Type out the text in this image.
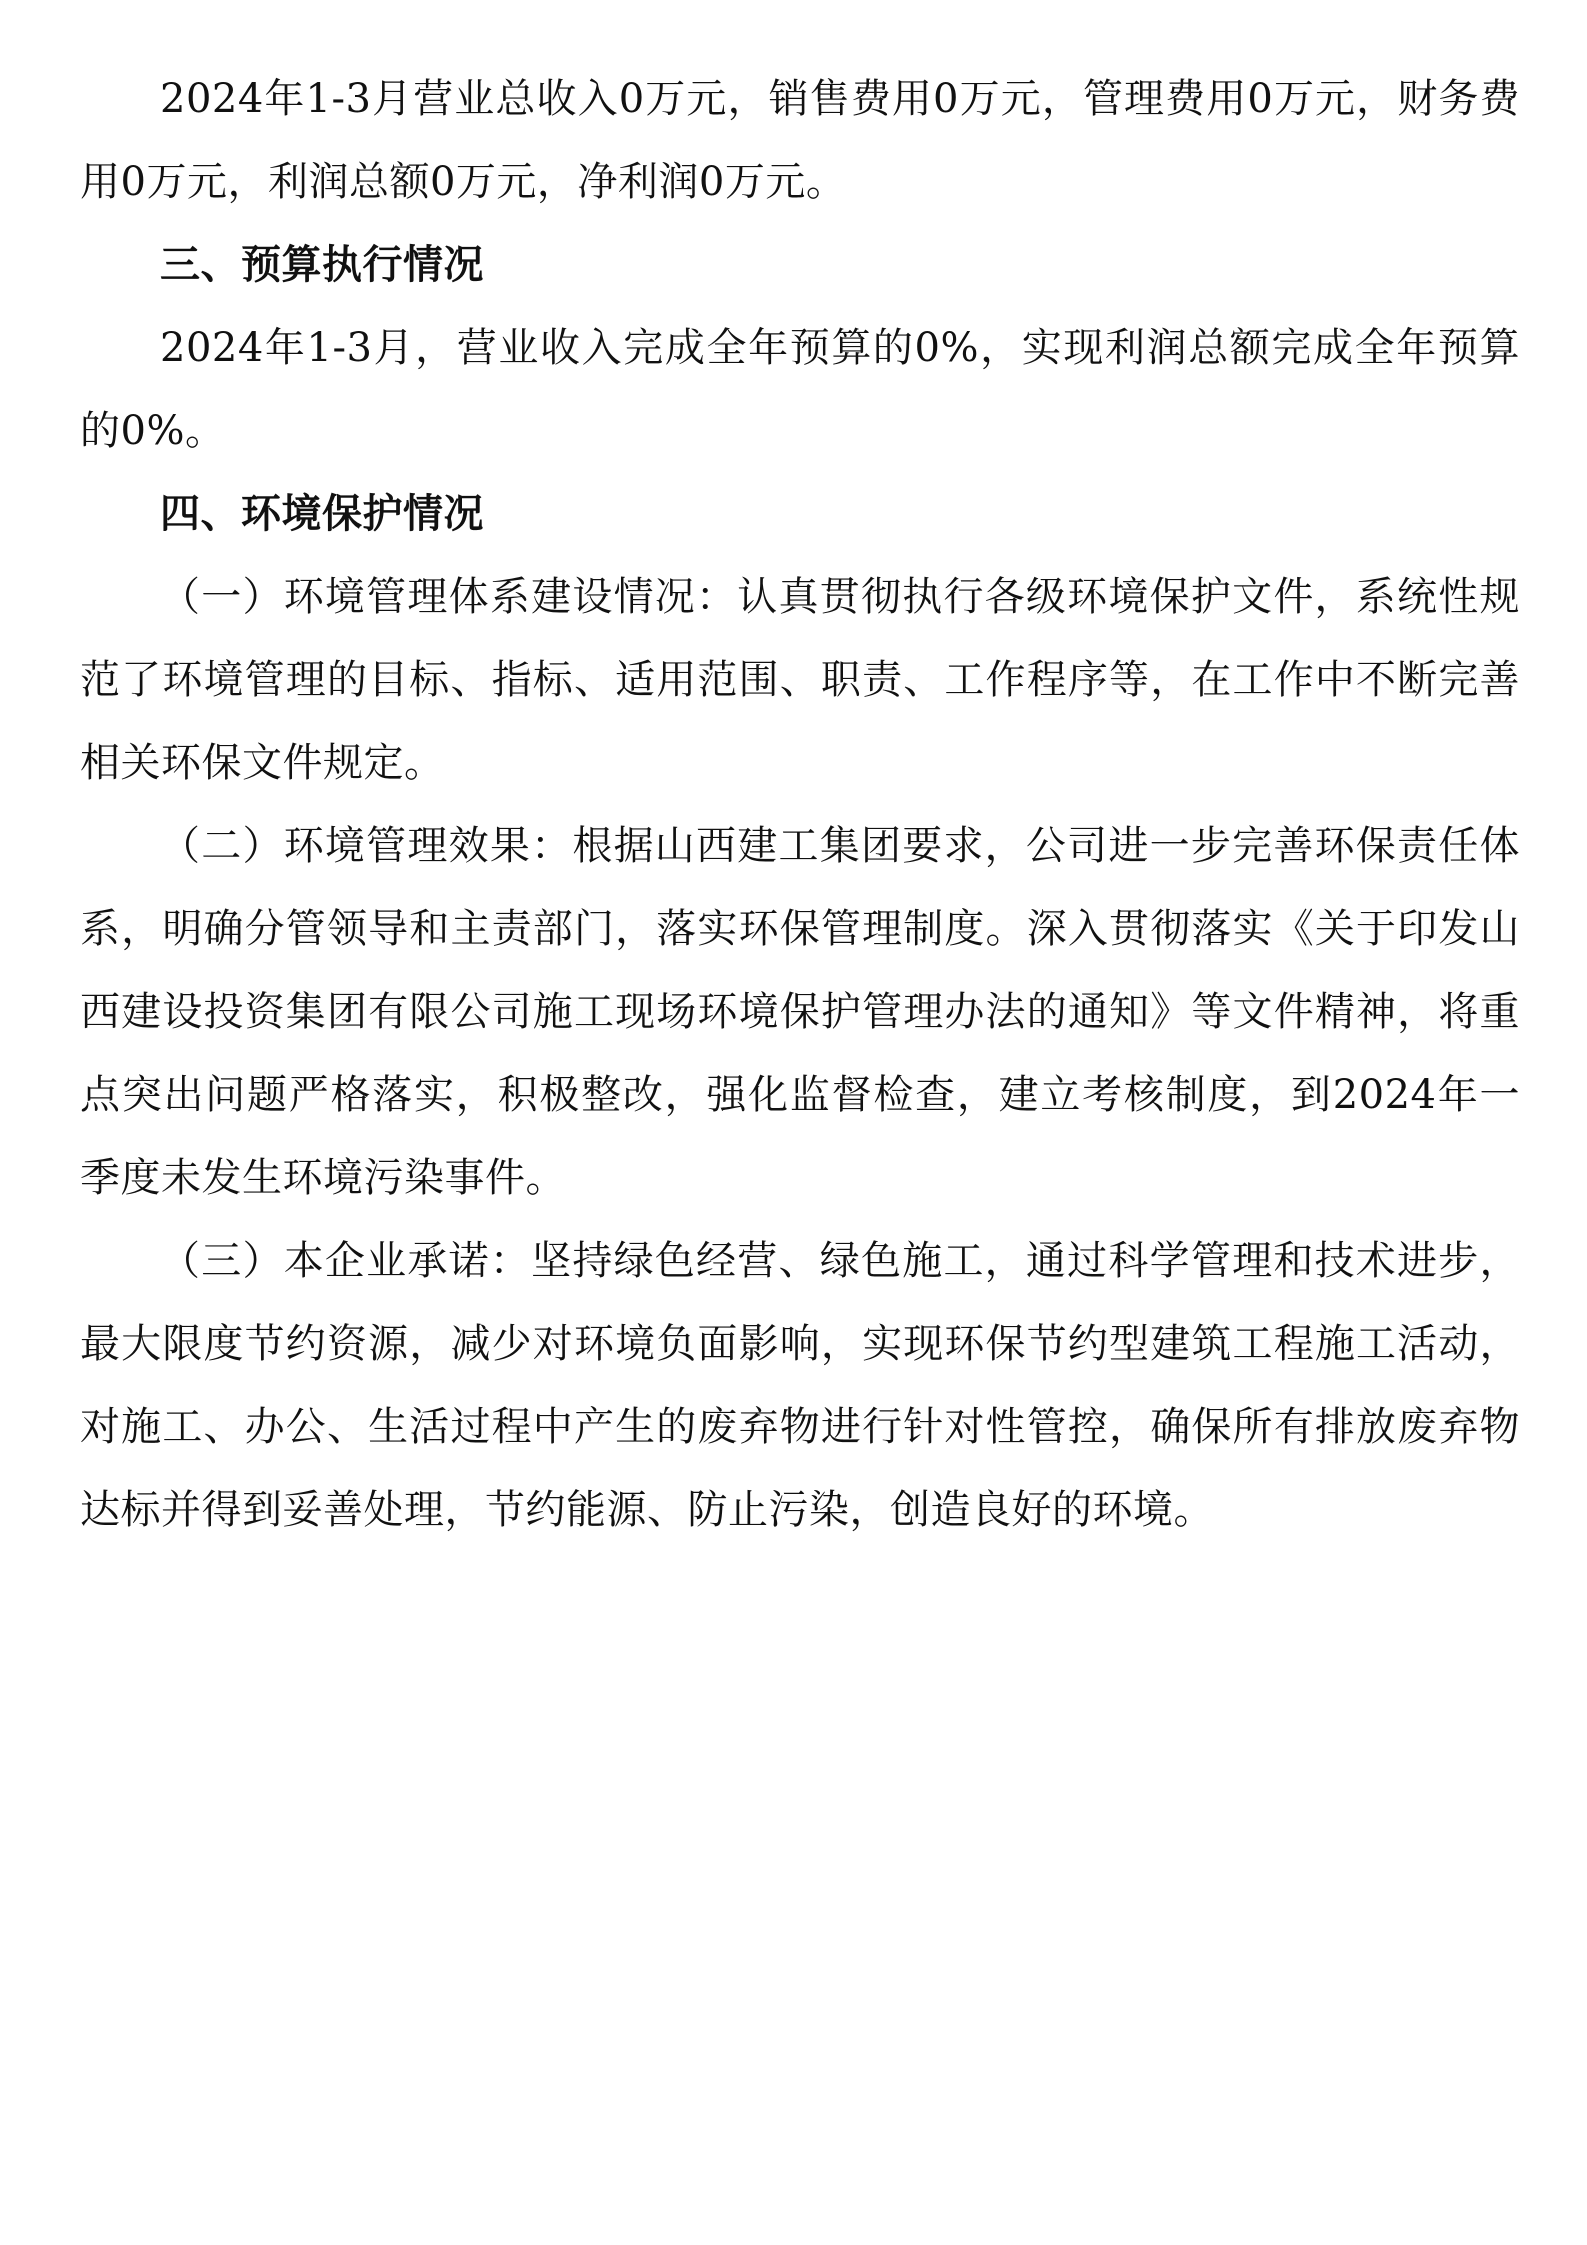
2024年1-3月营业总收入0万元，销售费用0万元，管理费用0万元，财务费用0万元，利润总额0万元，净利润0万元。

三、预算执行情况

2024年1-3月，营业收入完成全年预算的0%，实现利润总额完成全年预算的0%。

四、环境保护情况

（一）环境管理体系建设情况：认真贯彻执行各级环境保护文件，系统性规范了环境管理的目标、指标、适用范围、职责、工作程序等，在工作中不断完善相关环保文件规定。

（二）环境管理效果：根据山西建工集团要求，公司进一步完善环保责任体系，明确分管领导和主责部门，落实环保管理制度。深入贯彻落实《关于印发山西建设投资集团有限公司施工现场环境保护管理办法的通知》等文件精神，将重点突出问题严格落实，积极整改，强化监督检查，建立考核制度，到2024年一季度未发生环境污染事件。

（三）本企业承诺：坚持绿色经营、绿色施工，通过科学管理和技术进步，最大限度节约资源，减少对环境负面影响，实现环保节约型建筑工程施工活动，对施工、办公、生活过程中产生的废弃物进行针对性管控，确保所有排放废弃物达标并得到妥善处理，节约能源、防止污染，创造良好的环境。
